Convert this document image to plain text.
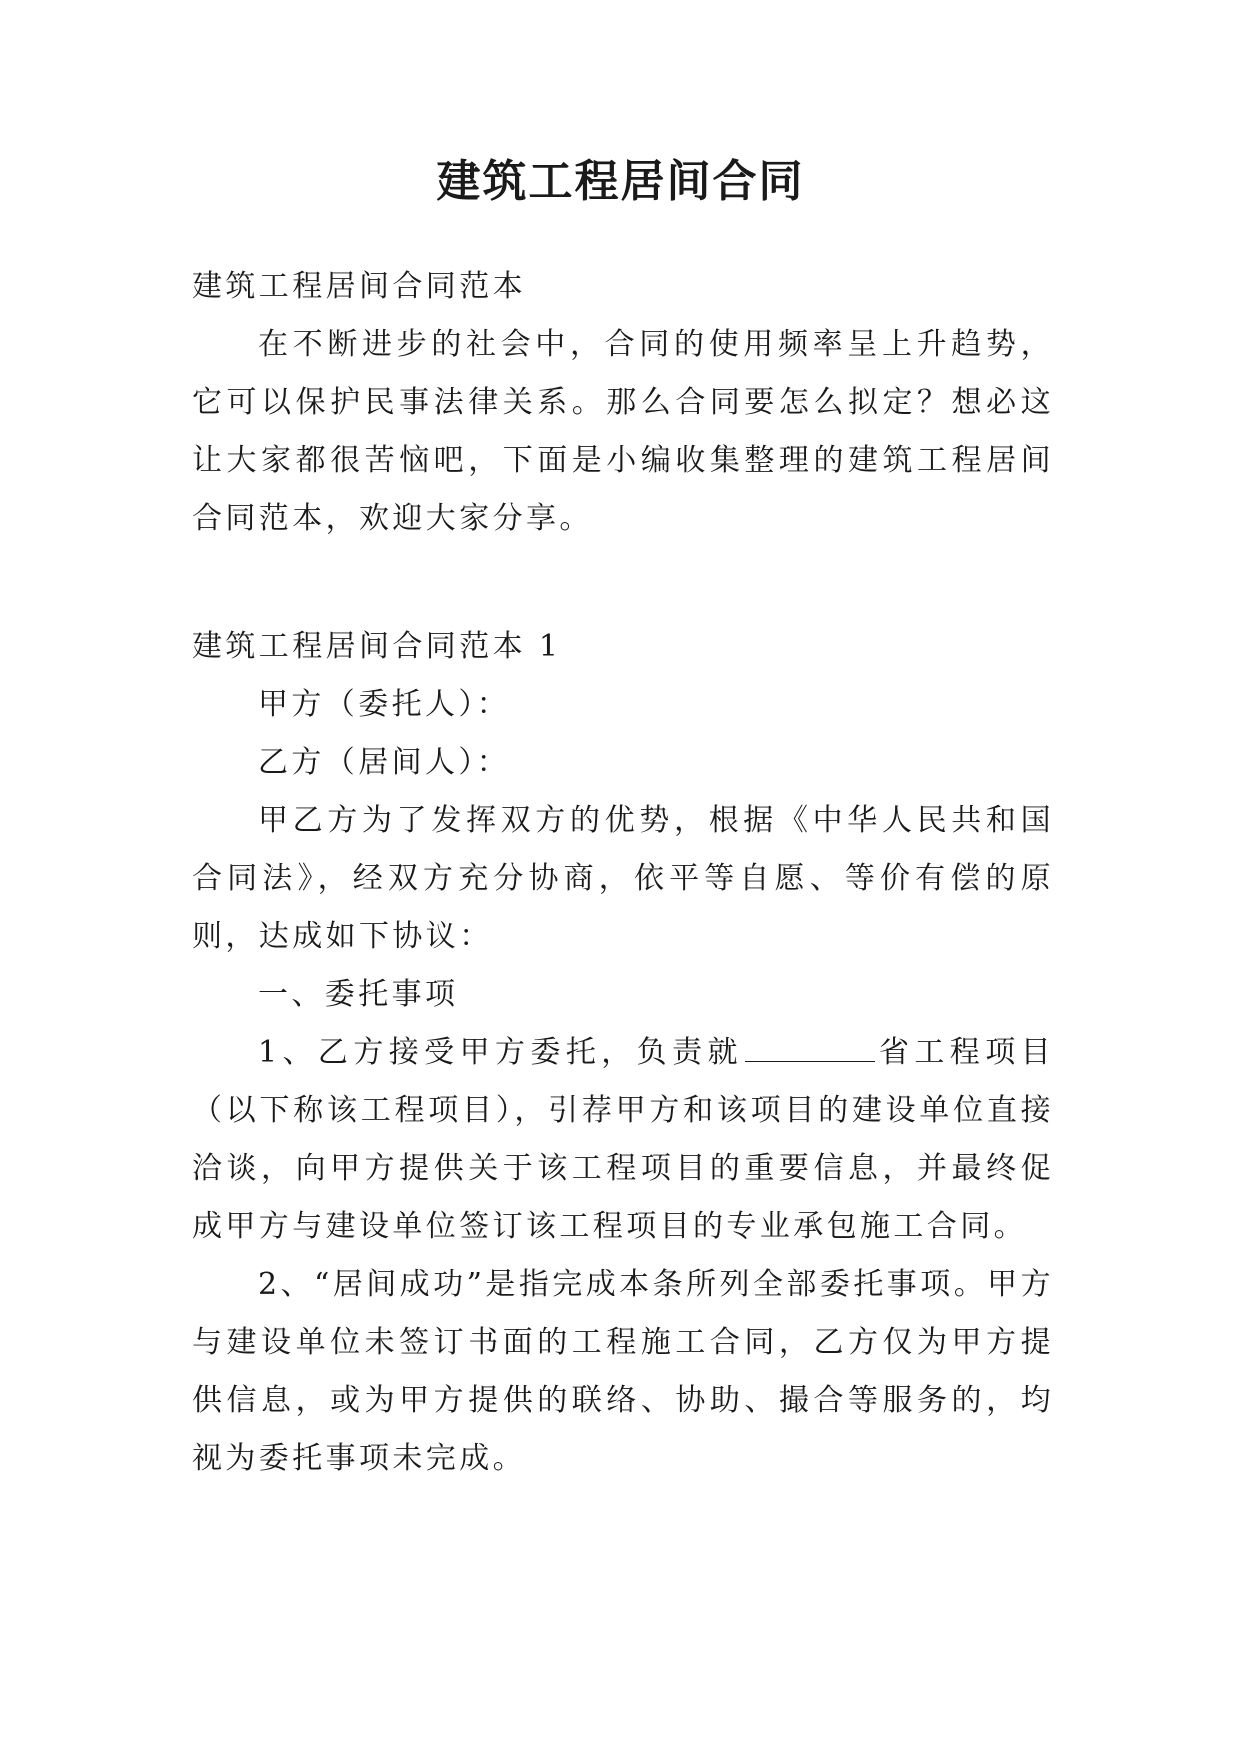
建筑工程居间合同

建筑工程居间合同范本

在不断进步的社会中，合同的使用频率呈上升趋势，它可以保护民事法律关系。那么合同要怎么拟定？想必这让大家都很苦恼吧，下面是小编收集整理的建筑工程居间合同范本，欢迎大家分享。

建筑工程居间合同范本 1

甲方（委托人）：

乙方（居间人）：

甲乙方为了发挥双方的优势，根据《中华人民共和国合同法》，经双方充分协商，依平等自愿、等价有偿的原则，达成如下协议：

一、委托事项

1、乙方接受甲方委托，负责就	省工程项目（以下称该工程项目），引荐甲方和该项目的建设单位直接洽谈，向甲方提供关于该工程项目的重要信息，并最终促成甲方与建设单位签订该工程项目的专业承包施工合同。

2、“居间成功”是指完成本条所列全部委托事项。甲方与建设单位未签订书面的工程施工合同，乙方仅为甲方提供信息，或为甲方提供的联络、协助、撮合等服务的，均视为委托事项未完成。
